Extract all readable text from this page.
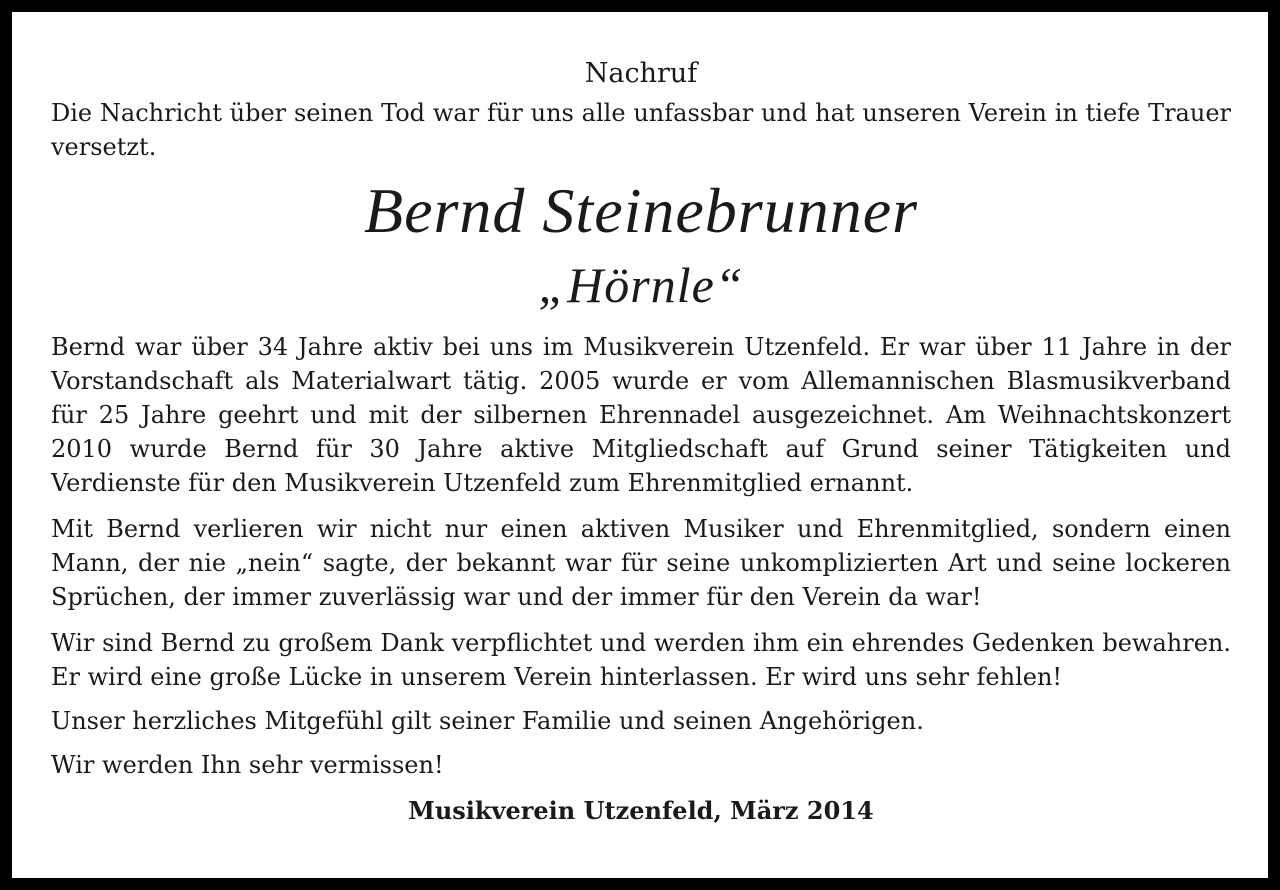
Nachruf

Die Nachricht über seinen Tod war für uns alle unfassbar und hat unseren Verein in tiefe Trauer versetzt.

Bernd Steinebrunner
„Hörnle“

Bernd war über 34 Jahre aktiv bei uns im Musikverein Utzenfeld. Er war über 11 Jahre in der Vorstandschaft als Materialwart tätig. 2005 wurde er vom Allemannischen Blasmusikverband für 25 Jahre geehrt und mit der silbernen Ehrennadel ausgezeichnet. Am Weihnachtskonzert 2010 wurde Bernd für 30 Jahre aktive Mitgliedschaft auf Grund seiner Tätigkeiten und Verdienste für den Musikverein Utzenfeld zum Ehrenmitglied ernannt.

Mit Bernd verlieren wir nicht nur einen aktiven Musiker und Ehrenmitglied, sondern einen Mann, der nie „nein“ sagte, der bekannt war für seine unkomplizierten Art und seine lockeren Sprüchen, der immer zuverlässig war und der immer für den Verein da war!

Wir sind Bernd zu großem Dank verpflichtet und werden ihm ein ehrendes Gedenken bewahren. Er wird eine große Lücke in unserem Verein hinterlassen. Er wird uns sehr fehlen!

Unser herzliches Mitgefühl gilt seiner Familie und seinen Angehörigen.

Wir werden Ihn sehr vermissen!

Musikverein Utzenfeld, März 2014
